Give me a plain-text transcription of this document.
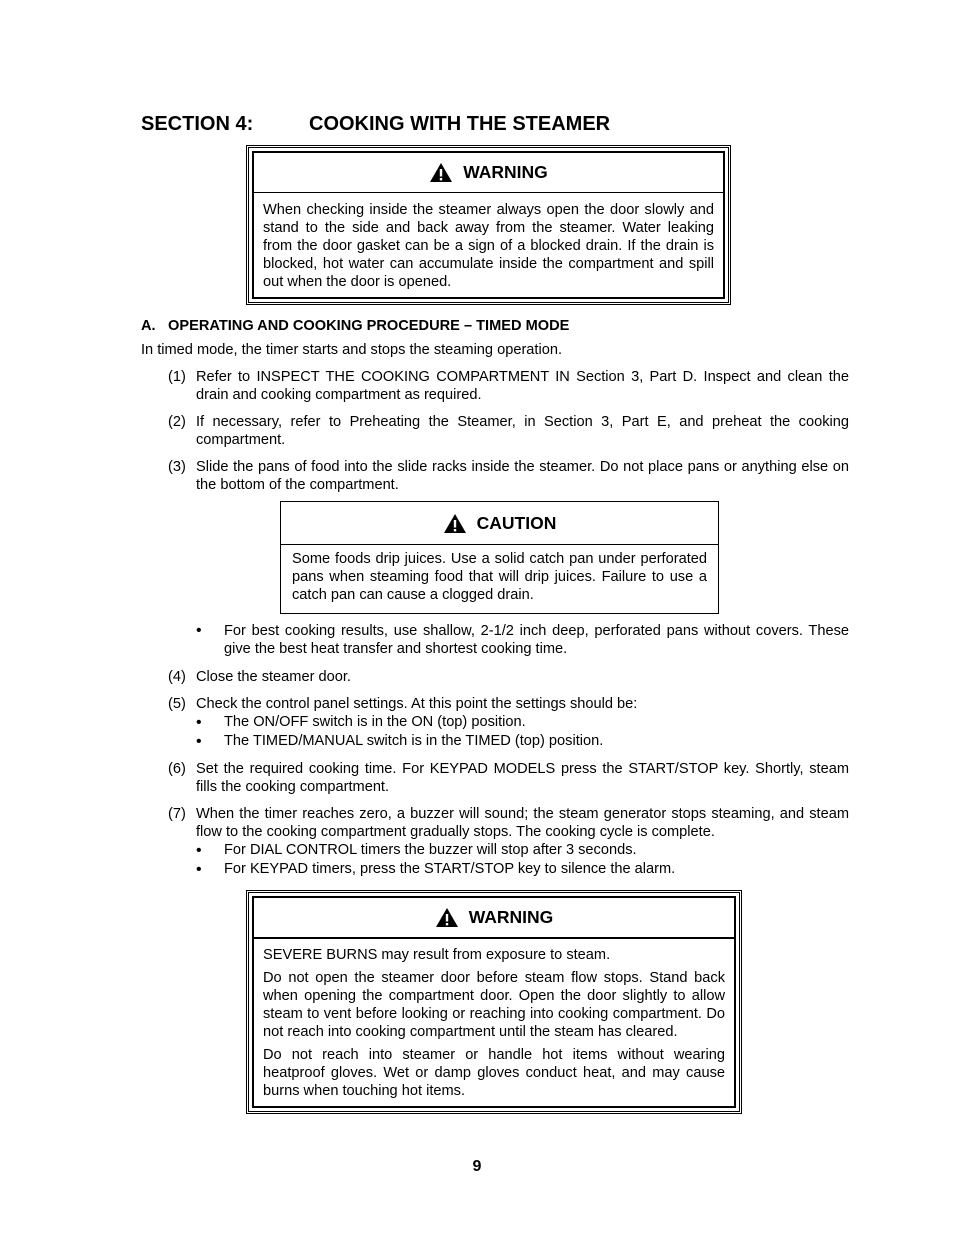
SECTION 4:	COOKING WITH THE STEAMER
WARNING

When checking inside the steamer always open the door slowly and stand to the side and back away from the steamer. Water leaking from the door gasket can be a sign of a blocked drain. If the drain is blocked, hot water can accumulate inside the compartment and spill out when the door is opened.

A. OPERATING AND COOKING PROCEDURE – TIMED MODE
In timed mode, the timer starts and stops the steaming operation.
(1) Refer to INSPECT THE COOKING COMPARTMENT IN Section 3, Part D. Inspect and clean the drain and cooking compartment as required.
(2) If necessary, refer to Preheating the Steamer, in Section 3, Part E, and preheat the cooking compartment.
(3) Slide the pans of food into the slide racks inside the steamer. Do not place pans or anything else on the bottom of the compartment.
CAUTION

Some foods drip juices. Use a solid catch pan under perforated pans when steaming food that will drip juices. Failure to use a catch pan can cause a clogged drain.

• For best cooking results, use shallow, 2-1/2 inch deep, perforated pans without covers. These give the best heat transfer and shortest cooking time.
(4) Close the steamer door.
(5) Check the control panel settings. At this point the settings should be:
• The ON/OFF switch is in the ON (top) position.
• The TIMED/MANUAL switch is in the TIMED (top) position.
(6) Set the required cooking time. For KEYPAD MODELS press the START/STOP key. Shortly, steam fills the cooking compartment.
(7) When the timer reaches zero, a buzzer will sound; the steam generator stops steaming, and steam flow to the cooking compartment gradually stops. The cooking cycle is complete.
• For DIAL CONTROL timers the buzzer will stop after 3 seconds.
• For KEYPAD timers, press the START/STOP key to silence the alarm.
WARNING

SEVERE BURNS may result from exposure to steam.

Do not open the steamer door before steam flow stops. Stand back when opening the compartment door. Open the door slightly to allow steam to vent before looking or reaching into cooking compartment. Do not reach into cooking compartment until the steam has cleared.

Do not reach into steamer or handle hot items without wearing heatproof gloves. Wet or damp gloves conduct heat, and may cause burns when touching hot items.

9
